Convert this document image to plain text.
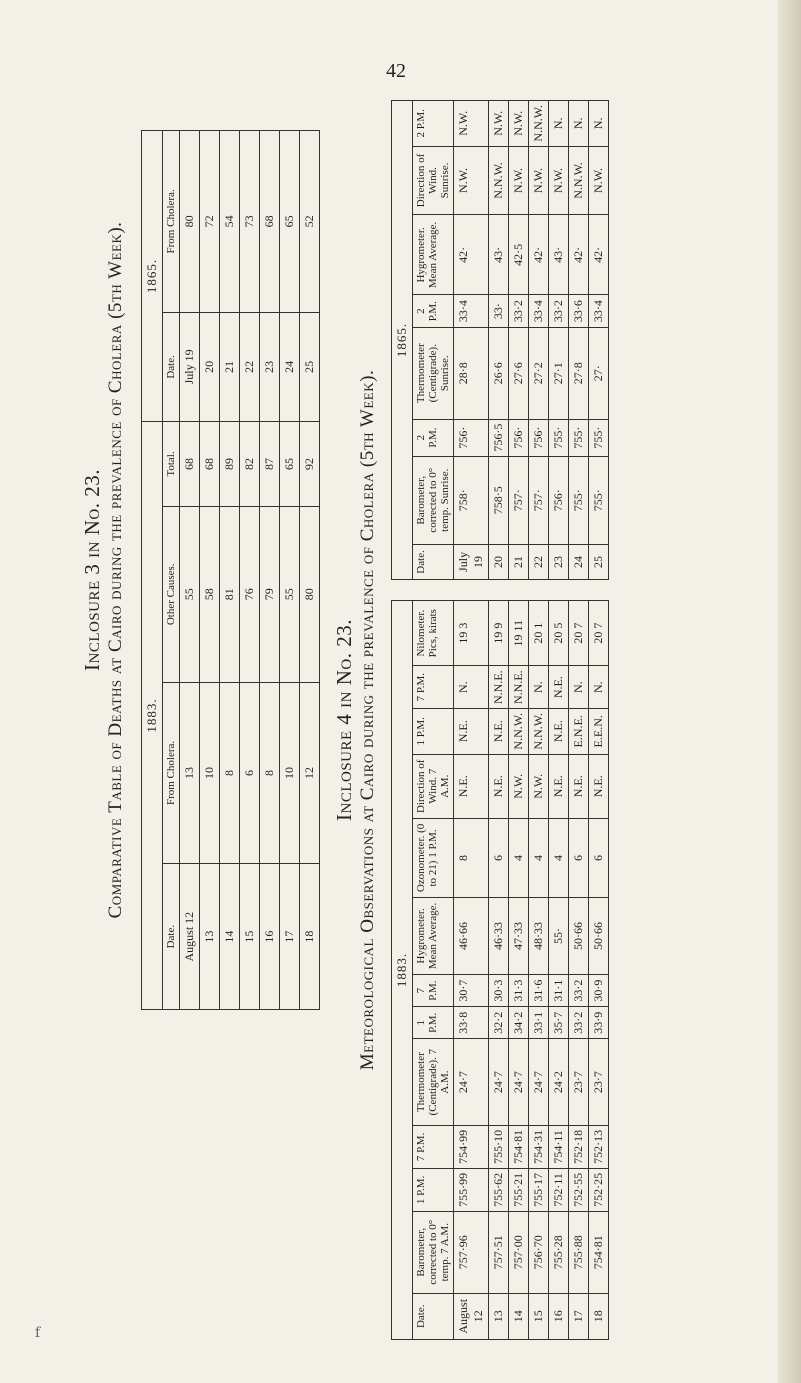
42
f
Inclosure 3 in No. 23. Comparative Table of Deaths at Cairo during the prevalence of Cholera (5th Week). 1883.				1865.	
Date.	From Cholera.	Other Causes.	Total.	Date.	From Cholera.
August 12	13	55	68	July 19	80
13	10	58	68	20	72
14	8	81	89	21	54
15	6	76	82	22	73
16	8	79	87	23	68
17	10	55	65	24	65
18	12	80	92	25	52
Inclosure 4 in No. 23. Meteorological Observations at Cairo during the prevalence of Cholera (5th Week). 1883.												
Date.	Barometer, corrected to 0° temp. 7 A.M.	1 P.M.	7 P.M.	Thermometer (Centigrade). 7 A.M.	1 P.M.	7 P.M.	Hygrometer. Mean Average.	Ozonometer. (0 to 21) 1 P.M.	Direction of Wind. 7 A.M.	1 P.M.	7 P.M.	Nilometer. Pics, kirats
August 12	757·96	755·99	754·99	24·7	33·8	30·7	46·66	8	N.E.	N.E.	N.	19 3
13	757·51	755·62	755·10	24·7	32·2	30·3	46·33	6	N.E.	N.E.	N.N.E.	19 9
14	757·00	755·21	754·81	24·7	34·2	31·3	47·33	4	N.W.	N.N.W.	N.N.E.	19 11
15	756·70	755·17	754·31	24·7	33·1	31·6	48·33	4	N.W.	N.N.W.	N.	20 1
16	755·28	752·11	754·11	24·2	35·7	31·1	55·	4	N.E.	N.E.	N.E.	20 5
17	755·88	752·55	752·18	23·7	33·2	33·2	50·66	6	N.E.	E.N.E.	N.	20 7
18	754·81	752·25	752·13	23·7	33·9	30·9	50·66	6	N.E.	E.E.N.	N.	20 7
1865.							
Date.	Barometer, corrected to 0° temp. Sunrise.	2 P.M.	Thermometer (Centigrade). Sunrise.	2 P.M.	Hygrometer. Mean Average.	Direction of Wind. Sunrise.	2 P.M.
July 19	758·	756·	28·8	33·4	42·	N.W.	N.W.
20	758·5	756·5	26·6	33·	43·	N.N.W.	N.W.
21	757·	756·	27·6	33·2	42·5	N.W.	N.W.
22	757·	756·	27·2	33·4	42·	N.W.	N.N.W.
23	756·	755·	27·1	33·2	43·	N.W.	N.
24	755·	755·	27·8	33·6	42·	N.N.W.	N.
25	755·	755·	27·	33·4	42·	N.W.	N.
